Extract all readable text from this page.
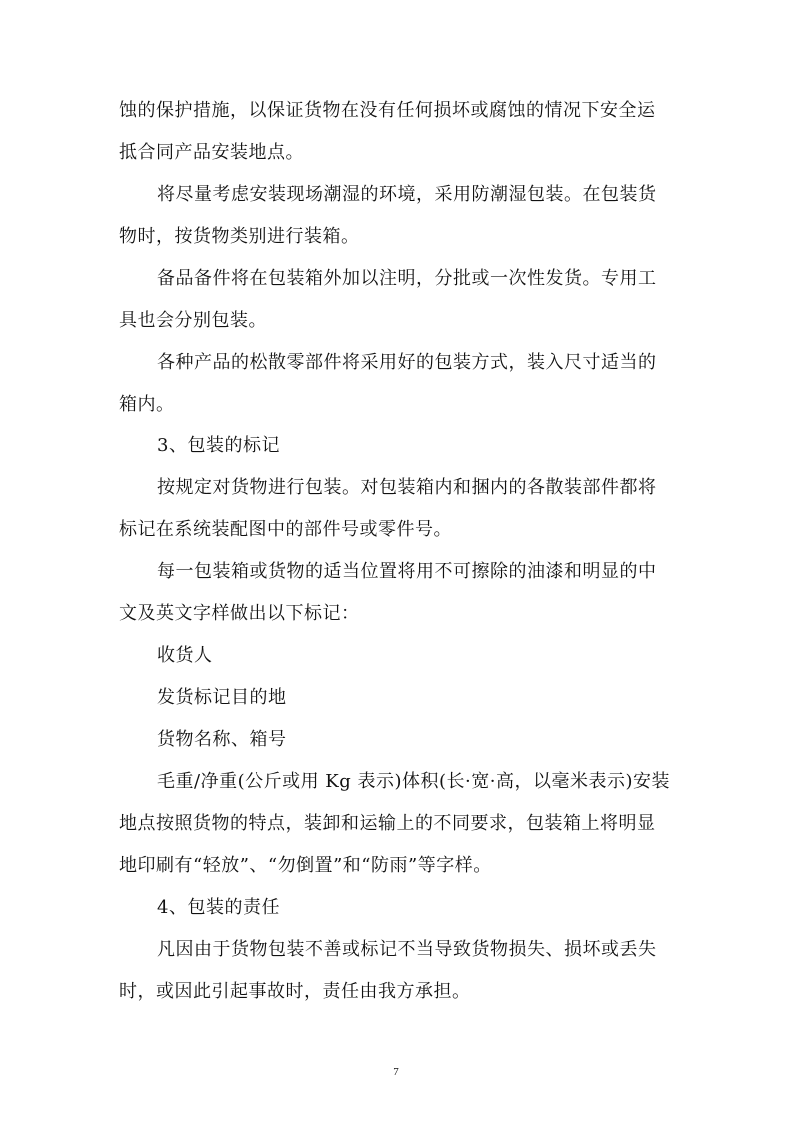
蚀的保护措施，以保证货物在没有任何损坏或腐蚀的情况下安全运
抵合同产品安装地点。
将尽量考虑安装现场潮湿的环境，采用防潮湿包装。在包装货
物时，按货物类别进行装箱。
备品备件将在包装箱外加以注明，分批或一次性发货。专用工
具也会分别包装。
各种产品的松散零部件将采用好的包装方式，装入尺寸适当的
箱内。
3、包装的标记
按规定对货物进行包装。对包装箱内和捆内的各散装部件都将
标记在系统装配图中的部件号或零件号。
每一包装箱或货物的适当位置将用不可擦除的油漆和明显的中
文及英文字样做出以下标记：
收货人
发货标记目的地
货物名称、箱号
毛重/净重(公斤或用 Kg 表示)体积(长·宽·高，以毫米表示)安装
地点按照货物的特点，装卸和运输上的不同要求，包装箱上将明显
地印刷有“轻放”、“勿倒置”和“防雨”等字样。
4、包装的责任
凡因由于货物包装不善或标记不当导致货物损失、损坏或丢失
时，或因此引起事故时，责任由我方承担。
7
